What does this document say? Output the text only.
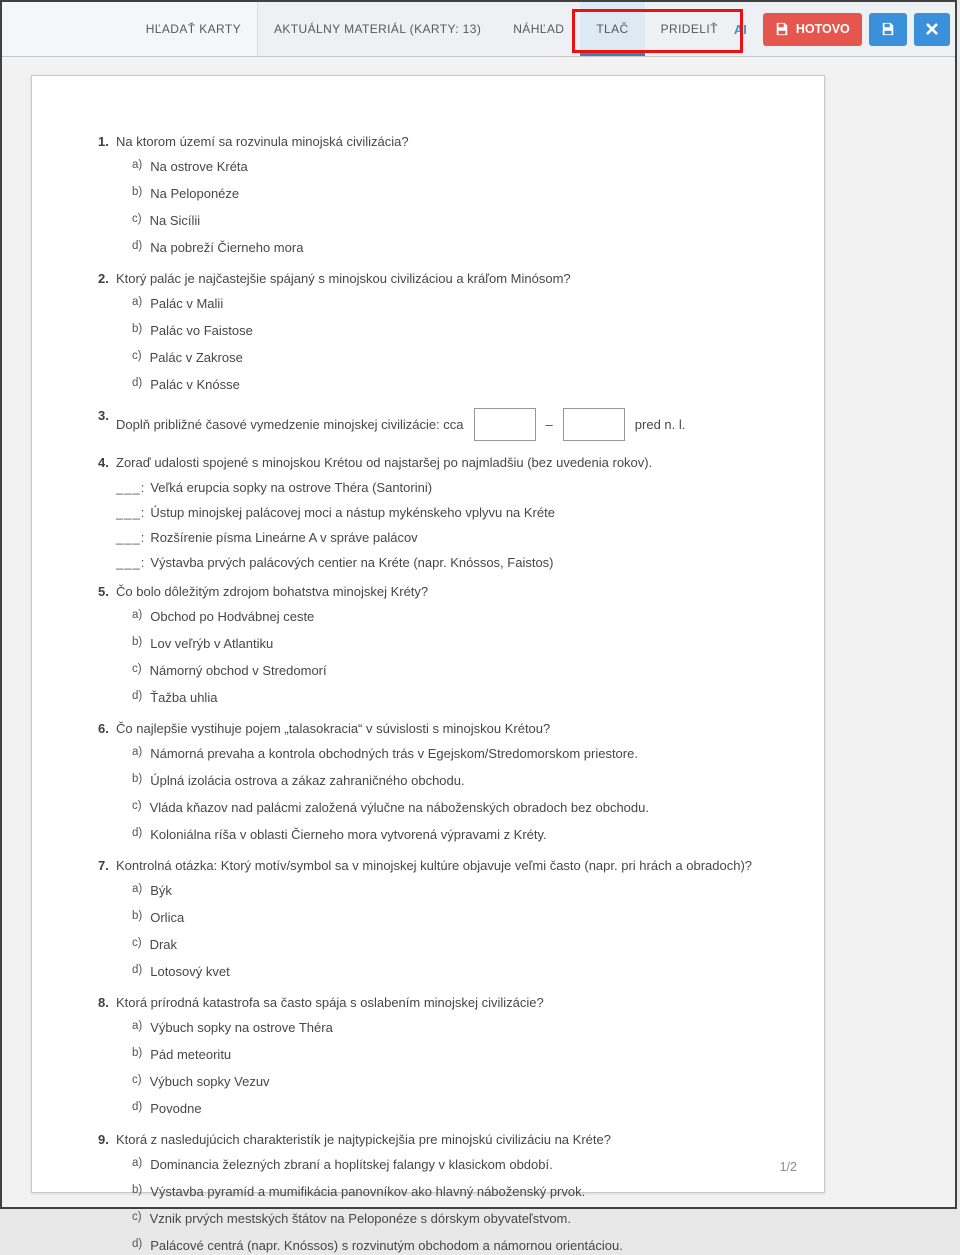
HĽADAŤ KARTY	AKTUÁLNY MATERIÁL (KARTY: 13)	NÁHĽAD	TLAČ	PRIDELIŤ AI	HOTOVO
1. Na ktorom území sa rozvinula minojská civilizácia?
a) Na ostrove Kréta
b) Na Peloponéze
c) Na Sicílii
d) Na pobreží Čierneho mora
2. Ktorý palác je najčastejšie spájaný s minojskou civilizáciou a kráľom Minósom?
a) Palác v Malii
b) Palác vo Faistose
c) Palác v Zakrose
d) Palác v Knósse
3.
Doplň približné časové vymedzenie minojskej civilizácie: cca	–	pred n. l.
4. Zoraď udalosti spojené s minojskou Krétou od najstaršej po najmladšiu (bez uvedenia rokov).
___: Veľká erupcia sopky na ostrove Théra (Santorini)
___: Ústup minojskej palácovej moci a nástup mykénskeho vplyvu na Kréte
___: Rozšírenie písma Lineárne A v správe palácov
___: Výstavba prvých palácových centier na Kréte (napr. Knóssos, Faistos)
5. Čo bolo dôležitým zdrojom bohatstva minojskej Kréty?
a) Obchod po Hodvábnej ceste
b) Lov veľrýb v Atlantiku
c) Námorný obchod v Stredomorí
d) Ťažba uhlia
6. Čo najlepšie vystihuje pojem „talasokracia“ v súvislosti s minojskou Krétou?
a) Námorná prevaha a kontrola obchodných trás v Egejskom/Stredomorskom priestore.
b) Úplná izolácia ostrova a zákaz zahraničného obchodu.
c) Vláda kňazov nad palácmi založená výlučne na náboženských obradoch bez obchodu.
d) Koloniálna ríša v oblasti Čierneho mora vytvorená výpravami z Kréty.
7. Kontrolná otázka: Ktorý motív/symbol sa v minojskej kultúre objavuje veľmi často (napr. pri hrách a obradoch)?
a) Býk
b) Orlica
c) Drak
d) Lotosový kvet
8. Ktorá prírodná katastrofa sa často spája s oslabením minojskej civilizácie?
a) Výbuch sopky na ostrove Théra
b) Pád meteoritu
c) Výbuch sopky Vezuv
d) Povodne
9. Ktorá z nasledujúcich charakteristík je najtypickejšia pre minojskú civilizáciu na Kréte?
a) Dominancia železných zbraní a hoplítskej falangy v klasickom období.
b) Výstavba pyramíd a mumifikácia panovníkov ako hlavný náboženský prvok.
c) Vznik prvých mestských štátov na Peloponéze s dórskym obyvateľstvom.
d) Palácové centrá (napr. Knóssos) s rozvinutým obchodom a námornou orientáciou.
1/2
